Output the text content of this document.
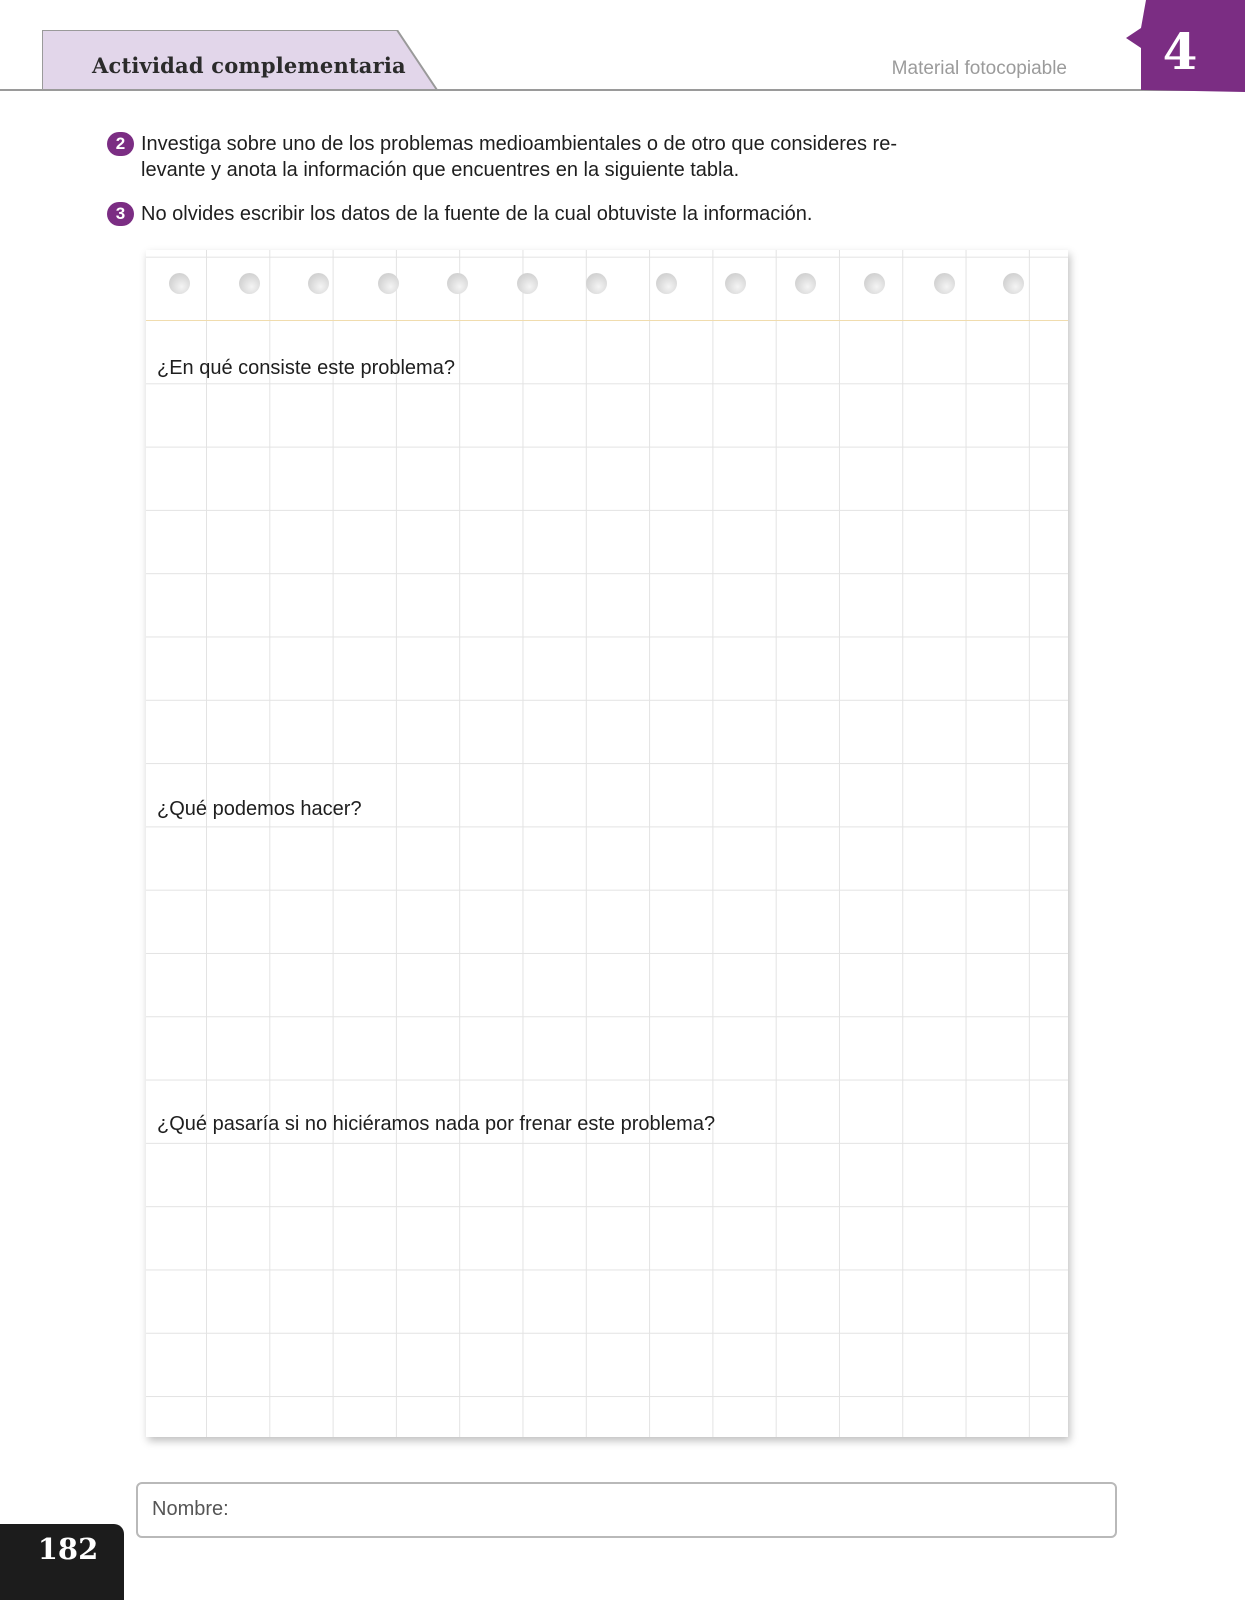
Actividad complementaria	Material fotocopiable 4
2 Investiga sobre uno de los problemas medioambientales o de otro que consideres re- levante y anota la información que encuentres en la siguiente tabla.
3 No olvides escribir los datos de la fuente de la cual obtuviste la información.
¿En qué consiste este problema?
¿Qué podemos hacer?
¿Qué pasaría si no hiciéramos nada por frenar este problema?
Nombre:
182
